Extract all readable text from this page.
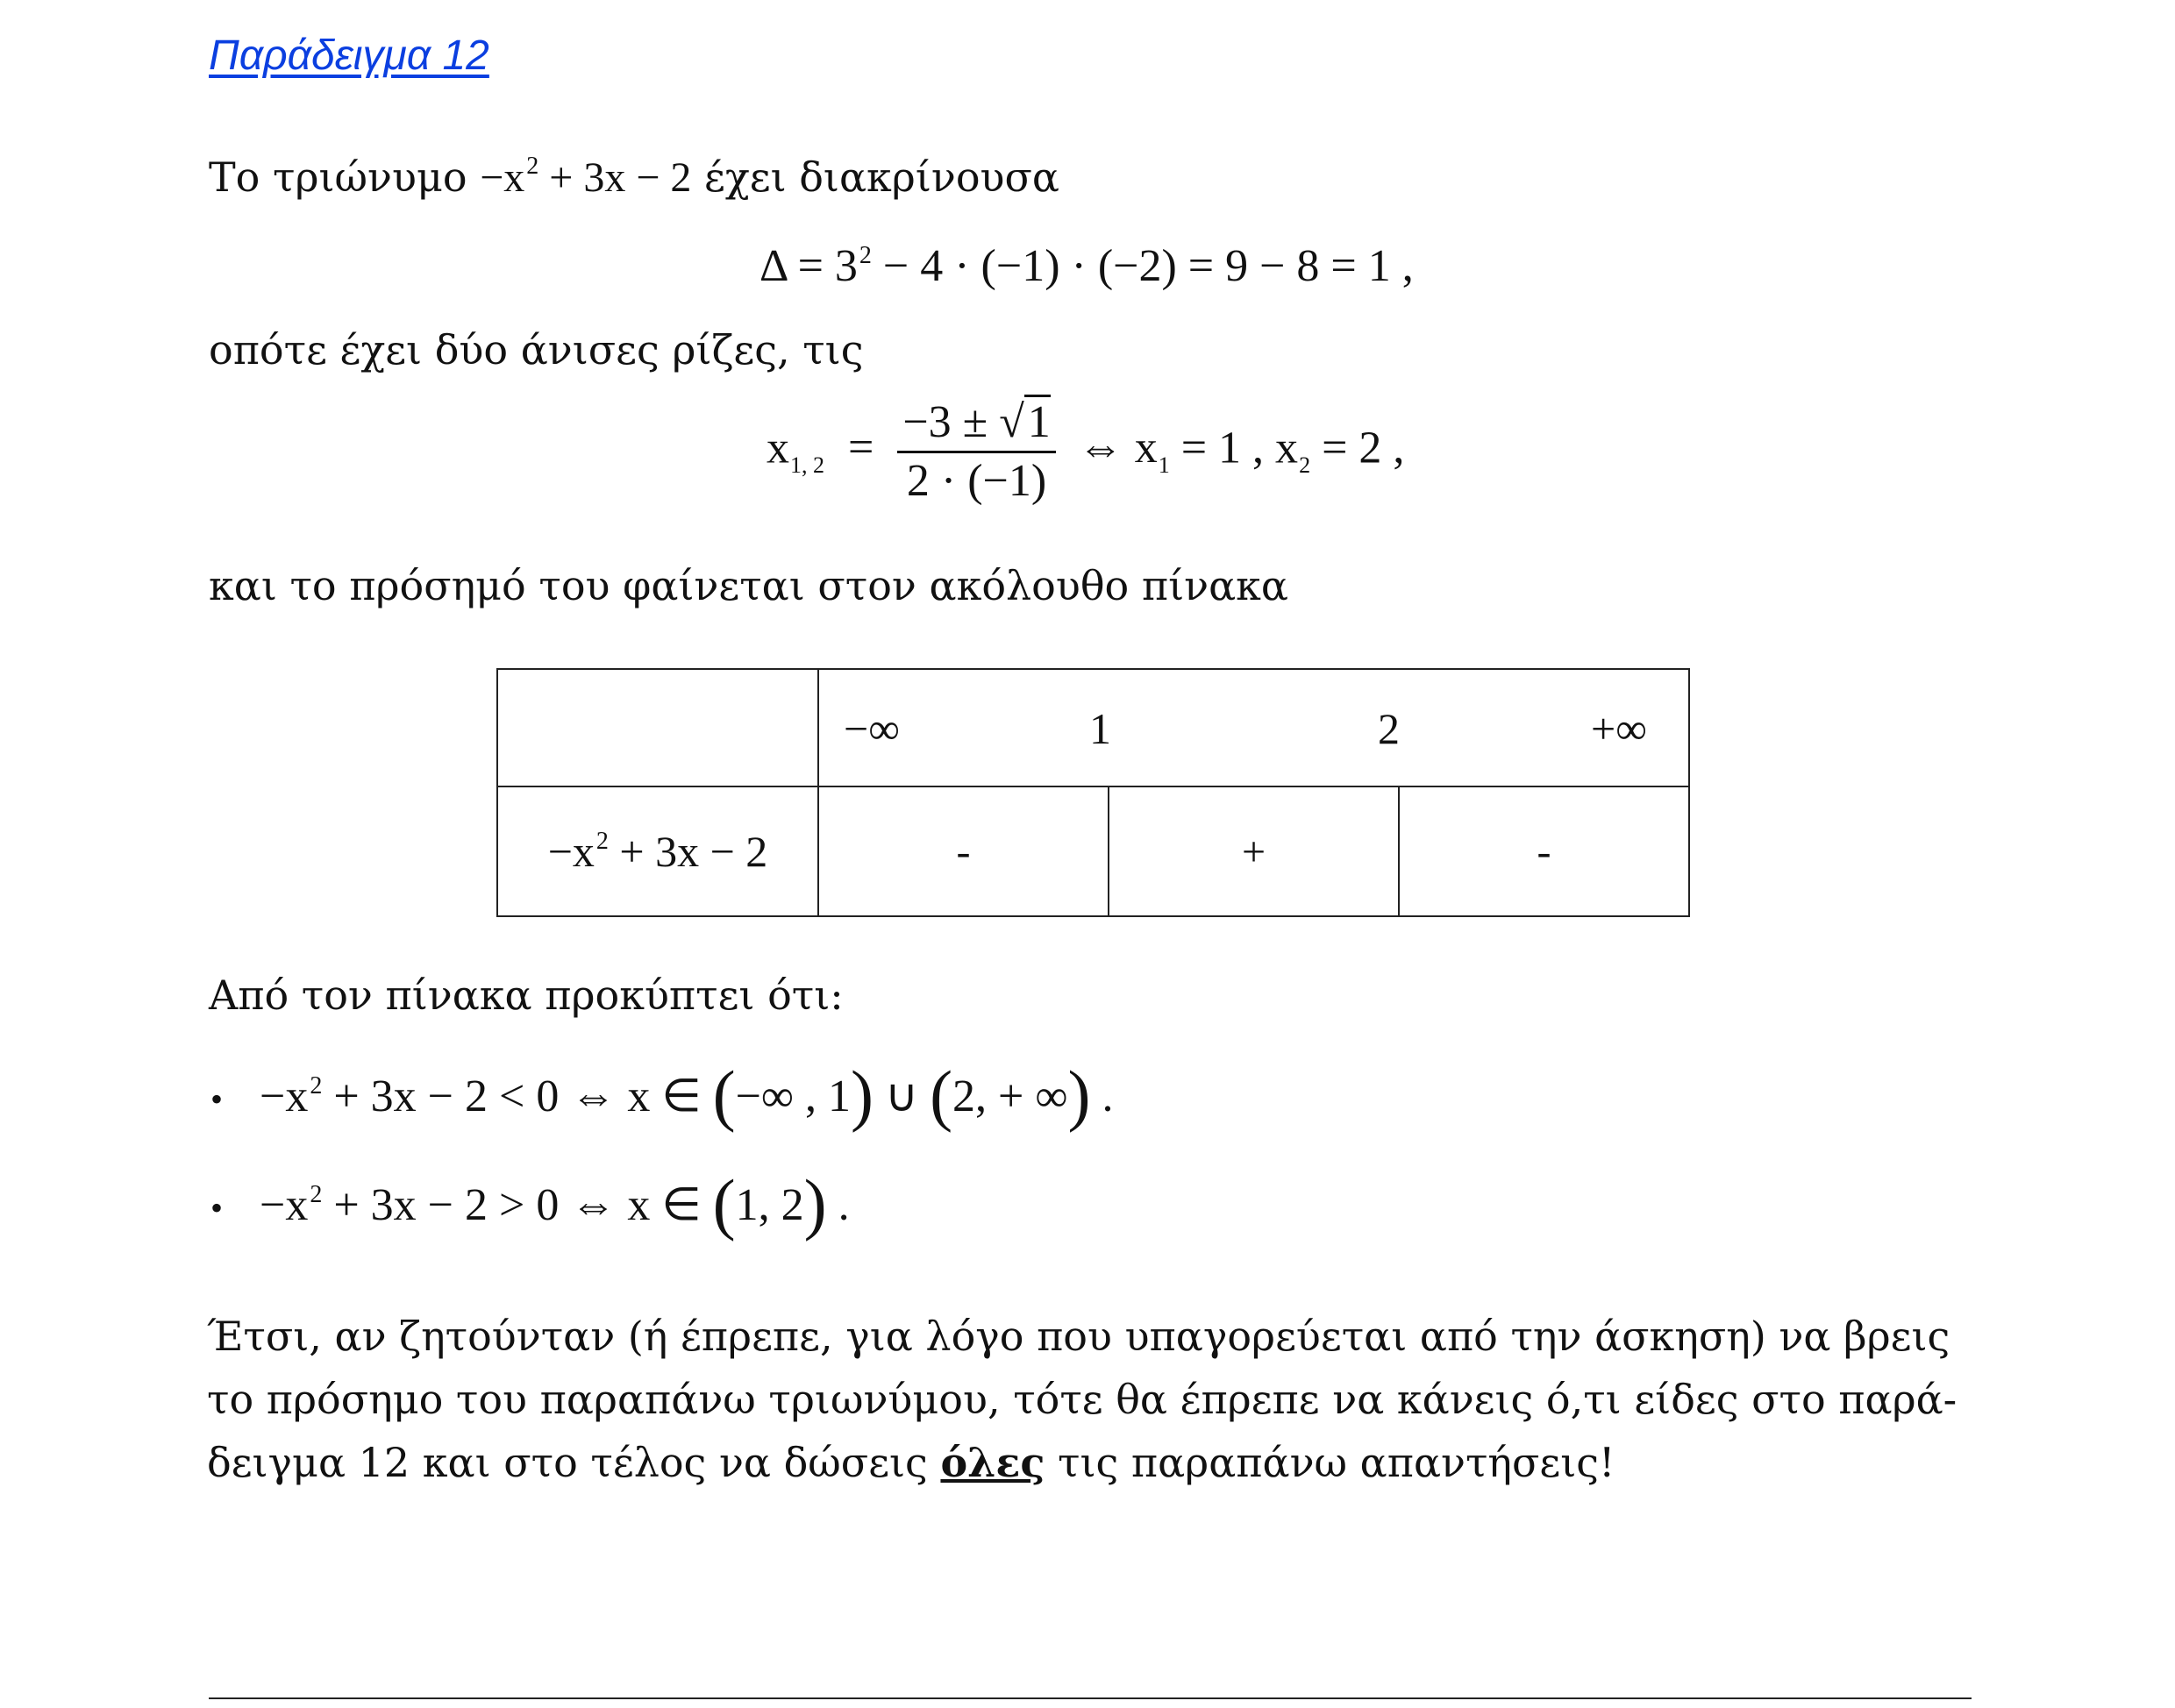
Παράδειγμα 12
Το $\tau\rho\iota ώ\nu\upsilon\mu o -x^2 + 3x - 2$ έχει διακρίνουσα
$\Delta = 3^2 - 4 \cdot (-1) \cdot (-2) = 9 - 8 = 1$ ,
οπότε έχει δύο άνισες ρίζες, τις
$x_{1, 2} = \frac{-3 \pm √1}{2 \cdot (-1)}$ ⇔ $x_1 = 1$ , $x_2 = 2$ ,
και το πρόσημό του φαίνεται στον ακόλουθο πίνακα

	−∞ 1 2 +∞		

$-x^2 + 3x - 2$	-	+	-
Από τον πίνακα προκύπτει ότι:
• $-x^2 + 3x - 2 < 0$ ⇔ x ∈ (−∞ , 1) ∪ (2, + ∞) .
• $-x^2 + 3x - 2 > 0$ ⇔ x ∈ (1, 2) .
Έτσι, αν ζητούνταν (ή έπρεπε, για λόγο που υπαγορεύεται από την άσκηση) να βρεις το πρόσημο του παραπάνω τριωνύμου, τότε θα έπρεπε να κάνεις ό,τι είδες στο παρά- δειγμα 12 και στο τέλος να δώσεις όλες τις παραπάνω απαντήσεις!
